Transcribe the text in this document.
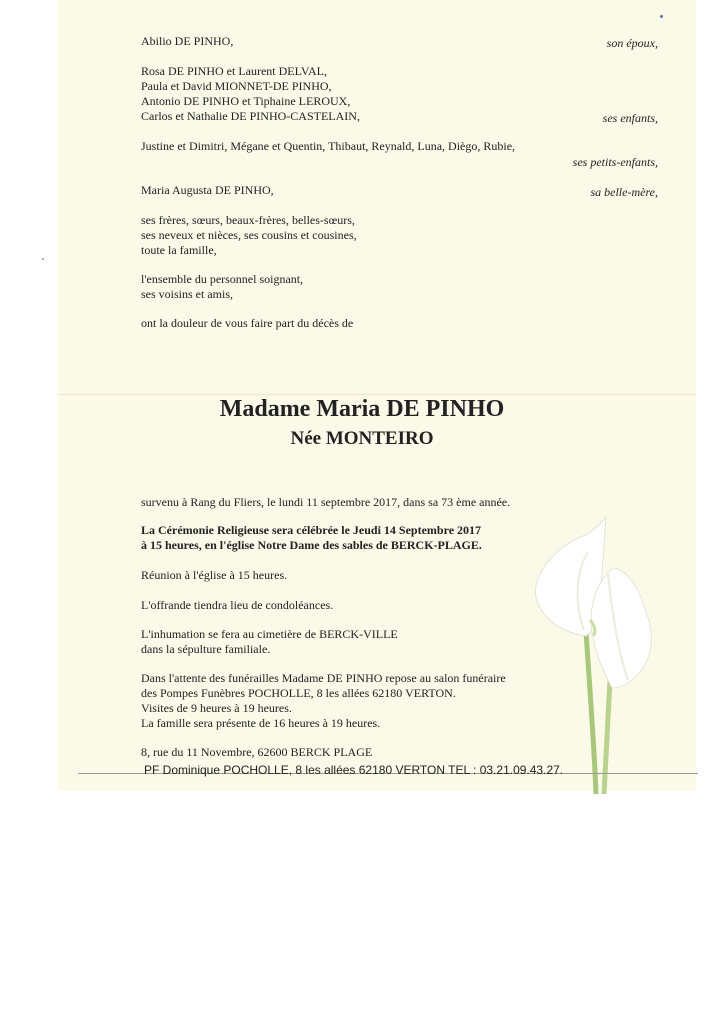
Abilio DE PINHO,	son époux,
Rosa DE PINHO et Laurent DELVAL,
Paula et David MIONNET-DE PINHO,
Antonio DE PINHO et Tiphaine LEROUX,
Carlos et Nathalie DE PINHO-CASTELAIN,	ses enfants,
Justine et Dimitri, Mégane et Quentin, Thibaut, Reynald, Luna, Diègo, Rubie,
ses petits-enfants,
Maria Augusta DE PINHO,	sa belle-mère,
ses frères, sœurs, beaux-frères, belles-sœurs,
ses neveux et nièces, ses cousins et cousines,
toute la famille,
l'ensemble du personnel soignant,
ses voisins et amis,
ont la douleur de vous faire part du décès de
Madame Maria DE PINHO
Née MONTEIRO
survenu à Rang du Fliers, le lundi 11 septembre 2017, dans sa 73 ème année.
La Cérémonie Religieuse sera célébrée le Jeudi 14 Septembre 2017
à 15 heures, en l'église Notre Dame des sables de BERCK-PLAGE.
Réunion à l'église à 15 heures.
L'offrande tiendra lieu de condoléances.
L'inhumation se fera au cimetière de BERCK-VILLE
dans la sépulture familiale.
Dans l'attente des funérailles Madame DE PINHO repose au salon funéraire
des Pompes Funèbres POCHOLLE, 8 les allées 62180 VERTON.
Visites de 9 heures à 19 heures.
La famille sera présente de 16 heures à 19 heures.
8, rue du 11 Novembre, 62600 BERCK PLAGE
PF Dominique POCHOLLE, 8 les allées 62180 VERTON TEL : 03.21.09.43.27.
